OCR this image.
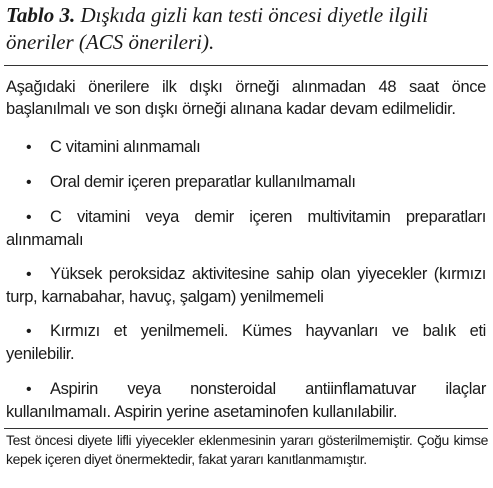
Tablo 3. Dışkıda gizli kan testi öncesi diyetle ilgili öneriler (ACS önerileri).
Aşağıdaki önerilere ilk dışkı örneği alınmadan 48 saat önce başlanılmalı ve son dışkı örneği alınana kadar devam edilmelidir.
• C vitamini alınmamalı
• Oral demir içeren preparatlar kullanılmamalı
• C vitamini veya demir içeren multivitamin preparatları alınmamalı
• Yüksek peroksidaz aktivitesine sahip olan yiyecekler (kırmızı turp, karnabahar, havuç, şalgam) yenilmemeli
• Kırmızı et yenilmemeli. Kümes hayvanları ve balık eti yenilebilir.
• Aspirin veya nonsteroidal antiinflamatuvar ilaçlar kullanılmamalı. Aspirin yerine asetaminofen kullanılabilir.
Test öncesi diyete lifli yiyecekler eklenmesinin yararı gösterilmemiştir. Çoğu kimse kepek içeren diyet önermektedir, fakat yararı kanıtlanmamıştır.
